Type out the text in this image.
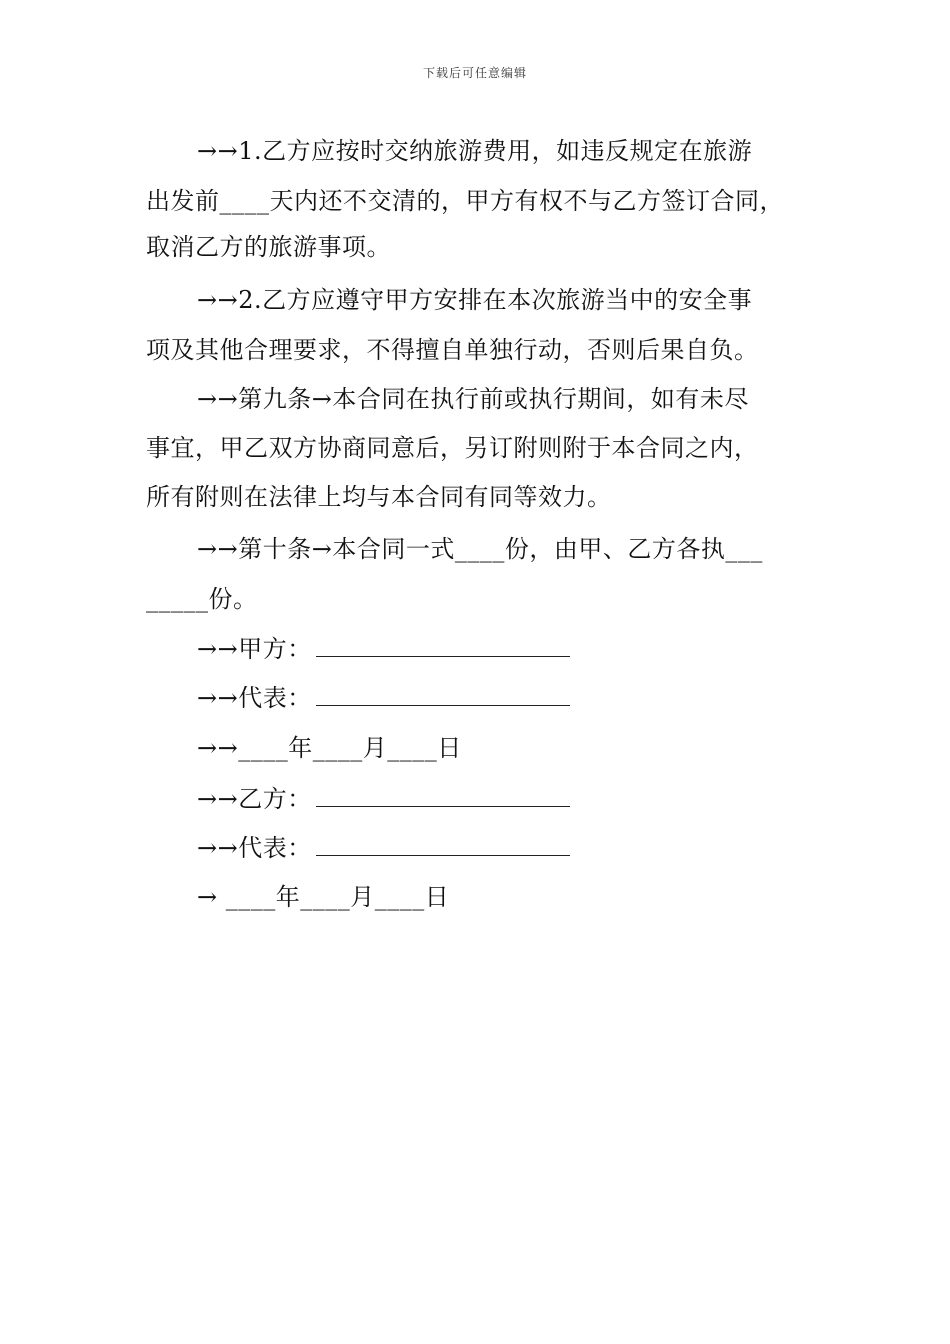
下载后可任意编辑
→→1.乙方应按时交纳旅游费用，如违反规定在旅游
出发前____天内还不交清的，甲方有权不与乙方签订合同，
取消乙方的旅游事项。
→→2.乙方应遵守甲方安排在本次旅游当中的安全事
项及其他合理要求，不得擅自单独行动，否则后果自负。
→→第九条→本合同在执行前或执行期间，如有未尽
事宜，甲乙双方协商同意后，另订附则附于本合同之内，
所有附则在法律上均与本合同有同等效力。
→→第十条→本合同一式____份，由甲、乙方各执___
_____份。
→→甲方：
→→代表：
→→____年____月____日
→→乙方：
→→代表：
→ ____年____月____日
